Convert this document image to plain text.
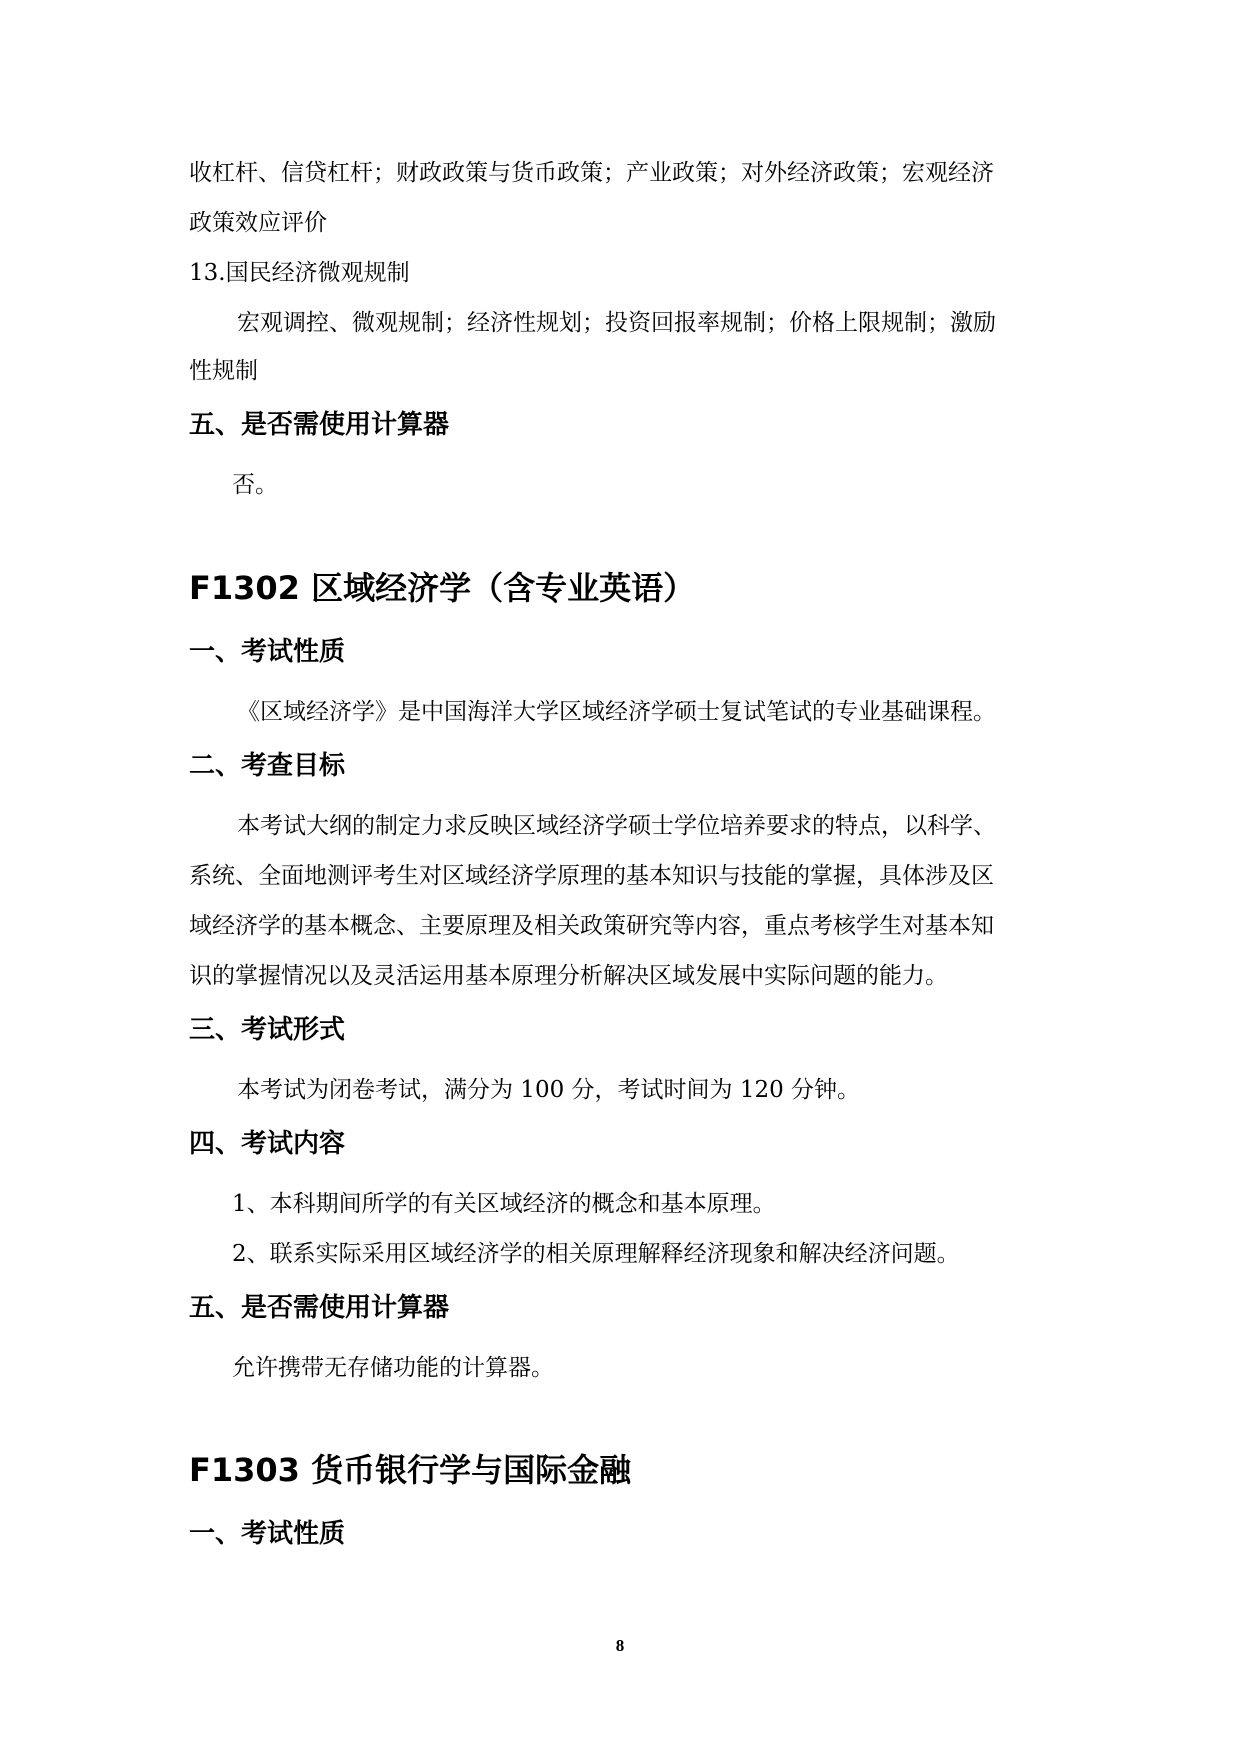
收杠杆、信贷杠杆；财政政策与货币政策；产业政策；对外经济政策；宏观经济
政策效应评价
13.国民经济微观规制
宏观调控、微观规制；经济性规划；投资回报率规制；价格上限规制；激励
性规制
五、是否需使用计算器
否。
F1302 区域经济学（含专业英语）
一、考试性质
《区域经济学》是中国海洋大学区域经济学硕士复试笔试的专业基础课程。
二、考查目标
本考试大纲的制定力求反映区域经济学硕士学位培养要求的特点，以科学、
系统、全面地测评考生对区域经济学原理的基本知识与技能的掌握，具体涉及区
域经济学的基本概念、主要原理及相关政策研究等内容，重点考核学生对基本知
识的掌握情况以及灵活运用基本原理分析解决区域发展中实际问题的能力。
三、考试形式
本考试为闭卷考试，满分为 100 分，考试时间为 120 分钟。
四、考试内容
1、本科期间所学的有关区域经济的概念和基本原理。
2、联系实际采用区域经济学的相关原理解释经济现象和解决经济问题。
五、是否需使用计算器
允许携带无存储功能的计算器。
F1303 货币银行学与国际金融
一、考试性质
8
